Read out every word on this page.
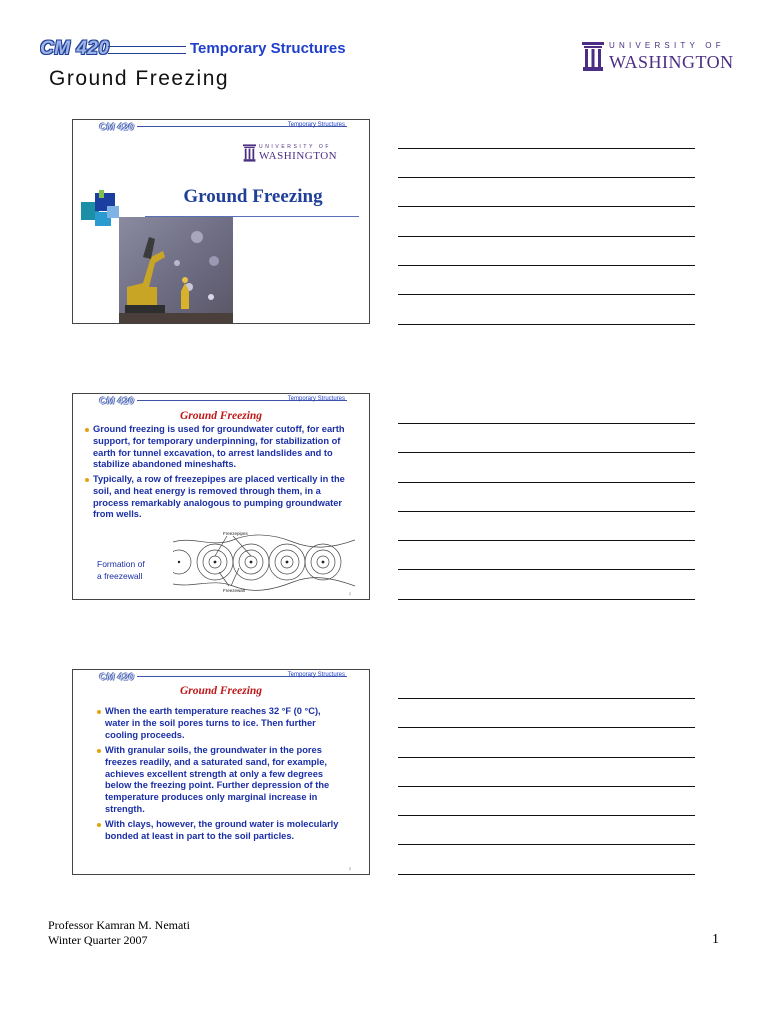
CM 420	Temporary Structures
Ground Freezing
UNIVERSITY OF
WASHINGTON
CM 420	Temporary Structures
UNIVERSITY OF
WASHINGTON
Ground Freezing
CM 420	Temporary Structures
Ground Freezing
Ground freezing is used for groundwater cutoff, for earth support, for temporary underpinning, for stabilization of earth for tunnel excavation, to arrest landslides and to stabilize abandoned mineshafts.
Typically, a row of freezepipes are placed vertically in the soil, and heat energy is removed through them, in a process remarkably analogous to pumping groundwater from wells.
Formation of
a freezewall
Freezepipes
Freezewall
2
CM 420	Temporary Structures
Ground Freezing
When the earth temperature reaches 32 °F (0 °C), water in the soil pores turns to ice. Then further cooling proceeds.
With granular soils, the groundwater in the pores freezes readily, and a saturated sand, for example, achieves excellent strength at only a few degrees below the freezing point. Further depression of the temperature produces only marginal increase in strength.
With clays, however, the ground water is molecularly bonded at least in part to the soil particles.
3
Professor Kamran M. Nemati
Winter Quarter 2007	1
